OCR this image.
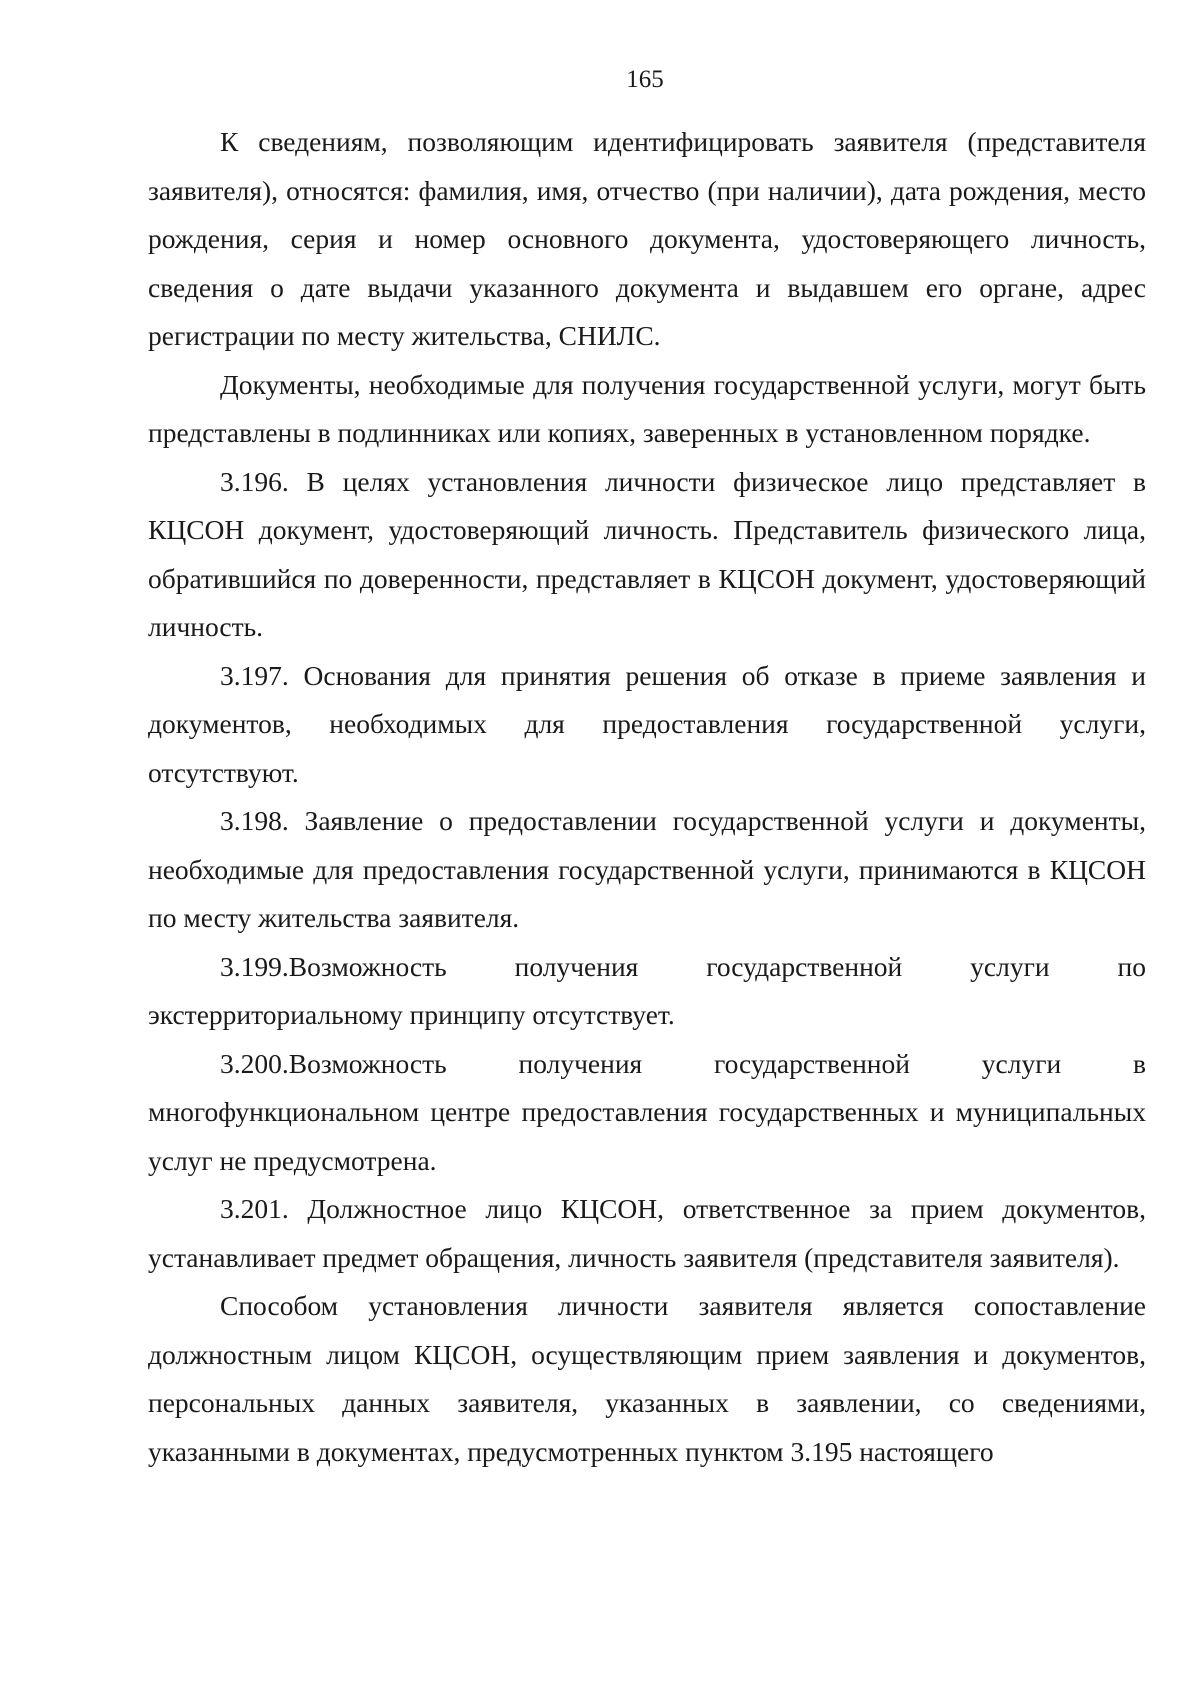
165

К сведениям, позволяющим идентифицировать заявителя (представителя заявителя), относятся: фамилия, имя, отчество (при наличии), дата рождения, место рождения, серия и номер основного документа, удостоверяющего личность, сведения о дате выдачи указанного документа и выдавшем его органе, адрес регистрации по месту жительства, СНИЛС.

Документы, необходимые для получения государственной услуги, могут быть представлены в подлинниках или копиях, заверенных в установленном порядке.

3.196. В целях установления личности физическое лицо представляет в КЦСОН документ, удостоверяющий личность. Представитель физического лица, обратившийся по доверенности, представляет в КЦСОН документ, удостоверяющий личность.

3.197. Основания для принятия решения об отказе в приеме заявления и документов, необходимых для предоставления государственной услуги, отсутствуют.

3.198. Заявление о предоставлении государственной услуги и документы, необходимые для предоставления государственной услуги, принимаются в КЦСОН по месту жительства заявителя.

3.199.Возможность получения государственной услуги по экстерриториальному принципу отсутствует.

3.200.Возможность получения государственной услуги в многофункциональном центре предоставления государственных и муниципальных услуг не предусмотрена.

3.201. Должностное лицо КЦСОН, ответственное за прием документов, устанавливает предмет обращения, личность заявителя (представителя заявителя).

Способом установления личности заявителя является сопоставление должностным лицом КЦСОН, осуществляющим прием заявления и документов, персональных данных заявителя, указанных в заявлении, со сведениями, указанными в документах, предусмотренных пунктом 3.195 настоящего
